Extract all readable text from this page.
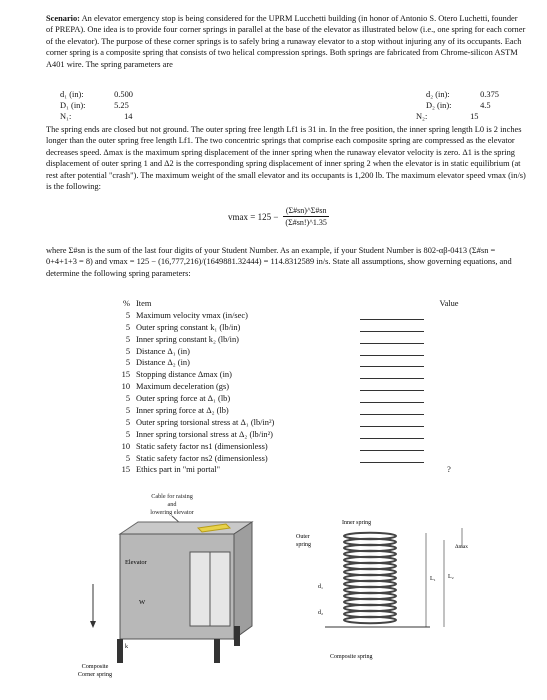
Scenario: An elevator emergency stop is being considered for the UPRM Lucchetti building (in honor of Antonio S. Otero Luchetti, founder of PREPA). One idea is to provide four corner springs in parallel at the base of the elevator as illustrated below (i.e., one spring for each corner of the elevator). The purpose of these corner springs is to safely bring a runaway elevator to a stop without injuring any of its occupants. Each corner spring is a composite spring that consists of two helical compression springs. Both springs are fabricated from Chrome-silicon ASTM A401 wire. The spring parameters are

d₁ (in):	0.500	d₂ (in):	0.375
D₁ (in):	5.25	D₂ (in):	4.5
N₁:	14	N₂:	15

The spring ends are closed but not ground. The outer spring free length Lf1 is 31 in. In the free position, the inner spring length L0 is 2 inches longer than the outer spring free length Lf1. The two concentric springs that comprise each composite spring are compressed as the elevator decreases speed. Δmax is the maximum spring displacement of the inner spring when the runaway elevator velocity is zero. Δ1 is the spring displacement of outer spring 1 and Δ2 is the corresponding spring displacement of inner spring 2 when the elevator is in static equilibrium (at rest after potential "crash"). The maximum weight of the small elevator and its occupants is 1,200 lb. The maximum elevator speed vmax (in/s) is the following:

$vmax = 125 - \frac{(\Sigma\#sn)\^{}\Sigma\#sn}{(\Sigma\#sn!)\^{}1.35}$

where Σ#sn is the sum of the last four digits of your Student Number. As an example, if your Student Number is 802-αβ-0413 (Σ#sn = 0+4+1+3 = 8) and vmax = 125 − (16,777,216)/(1649881.32444) = 114.8312589 in/s. State all assumptions, show governing equations, and determine the following spring parameters:

% Item	Value
5 Maximum velocity vmax (in/sec)
5 Outer spring constant k₁ (lb/in)
5 Inner spring constant k₂ (lb/in)
5 Distance Δ₁ (in)
5 Distance Δ₂ (in)
15 Stopping distance Δmax (in)
10 Maximum deceleration (gs)
5 Outer spring force at Δ₁ (lb)
5 Inner spring force at Δ₂ (lb)
5 Outer spring torsional stress at Δ₁ (lb/in²)
5 Inner spring torsional stress at Δ₂ (lb/in²)
10 Static safety factor ns1 (dimensionless)
5 Static safety factor ns2 (dimensionless)
15 Ethics part in "mi portal"	?
Cable for raising
and
lowering elevator
Elevator
W
k
Composite
Corner spring
Inner spring
Outer
spring
L₁ L₂
Δmax
d₁
d₂
Composite spring
